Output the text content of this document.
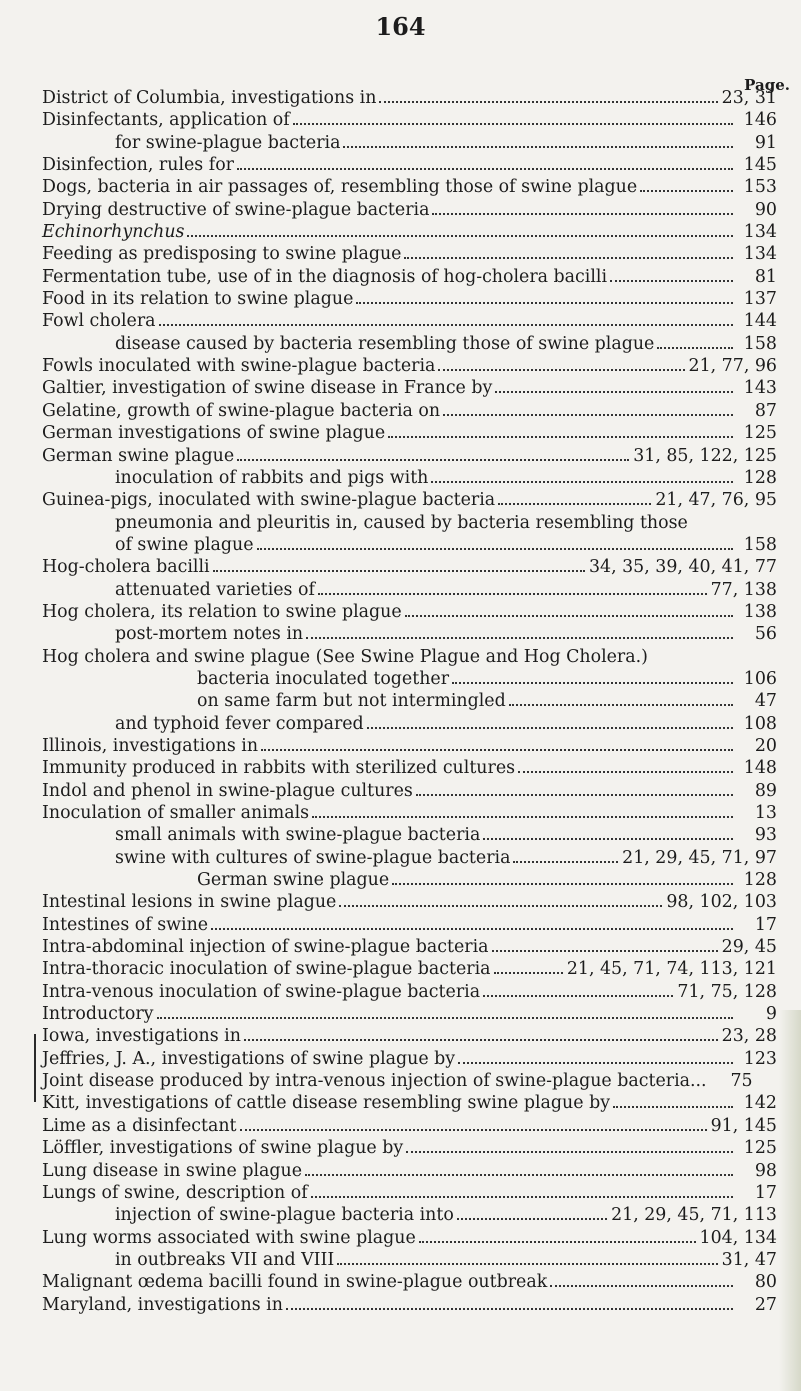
164
Page.
District of Columbia, investigations in	23, 31
Disinfectants, application of	146
for swine-plague bacteria	91
Disinfection, rules for	145
Dogs, bacteria in air passages of, resembling those of swine plague	153
Drying destructive of swine-plague bacteria	90
Echinorhynchus	134
Feeding as predisposing to swine plague	134
Fermentation tube, use of in the diagnosis of hog-cholera bacilli	81
Food in its relation to swine plague	137
Fowl cholera	144
disease caused by bacteria resembling those of swine plague	158
Fowls inoculated with swine-plague bacteria	21, 77, 96
Galtier, investigation of swine disease in France by	143
Gelatine, growth of swine-plague bacteria on	87
German investigations of swine plague	125
German swine plague	31, 85, 122, 125
inoculation of rabbits and pigs with	128
Guinea-pigs, inoculated with swine-plague bacteria	21, 47, 76, 95
pneumonia and pleuritis in, caused by bacteria resembling those
of swine plague	158
Hog-cholera bacilli	34, 35, 39, 40, 41, 77
attenuated varieties of	77, 138
Hog cholera, its relation to swine plague	138
post-mortem notes in	56
Hog cholera and swine plague (See Swine Plague and Hog Cholera.)
bacteria inoculated together	106
on same farm but not intermingled	47
and typhoid fever compared	108
Illinois, investigations in	20
Immunity produced in rabbits with sterilized cultures	148
Indol and phenol in swine-plague cultures	89
Inoculation of smaller animals	13
small animals with swine-plague bacteria	93
swine with cultures of swine-plague bacteria	21, 29, 45, 71, 97
German swine plague	128
Intestinal lesions in swine plague	98, 102, 103
Intestines of swine	17
Intra-abdominal injection of swine-plague bacteria	29, 45
Intra-thoracic inoculation of swine-plague bacteria	21, 45, 71, 74, 113, 121
Intra-venous inoculation of swine-plague bacteria	71, 75, 128
Introductory	9
Iowa, investigations in	23, 28
Jeffries, J. A., investigations of swine plague by	123
Joint disease produced by intra-venous injection of swine-plague bacteria...	75
Kitt, investigations of cattle disease resembling swine plague by	142
Lime as a disinfectant	91, 145
Löffler, investigations of swine plague by	125
Lung disease in swine plague	98
Lungs of swine, description of	17
injection of swine-plague bacteria into	21, 29, 45, 71, 113
Lung worms associated with swine plague	104, 134
in outbreaks VII and VIII	31, 47
Malignant œdema bacilli found in swine-plague outbreak	80
Maryland, investigations in	27
